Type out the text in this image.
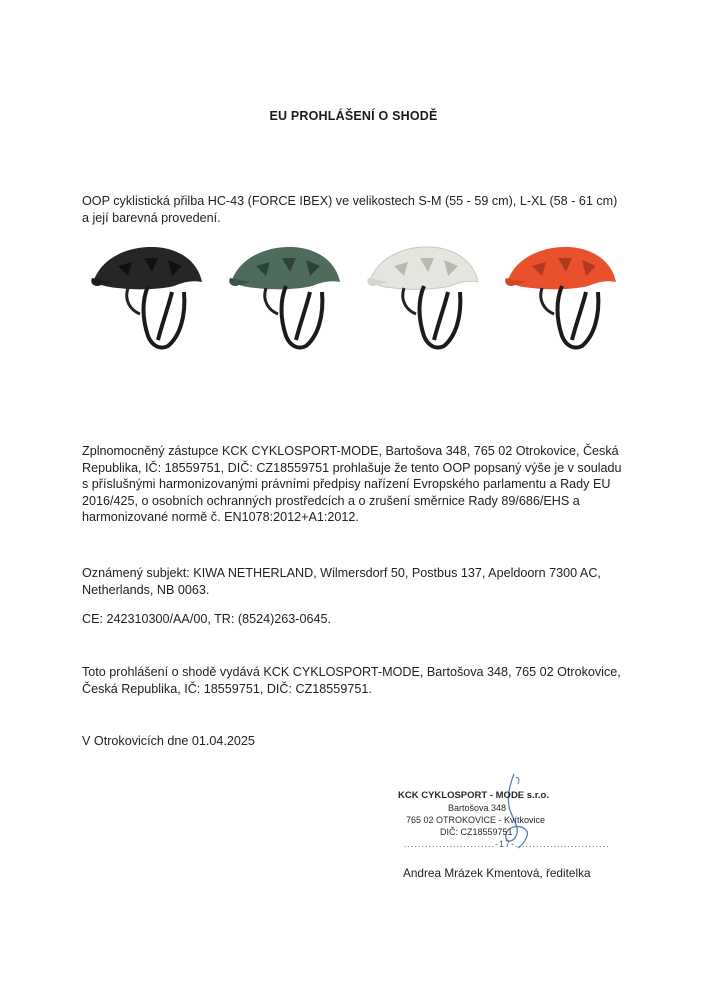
EU PROHLÁŠENÍ O SHODĚ
OOP cyklistická přilba HC-43 (FORCE IBEX) ve velikostech S-M (55 - 59 cm), L-XL (58 - 61 cm) a její barevná provedení.
Zplnomocněný zástupce KCK CYKLOSPORT-MODE, Bartošova 348, 765 02 Otrokovice, Česká Republika, IČ: 18559751, DIČ: CZ18559751 prohlašuje že tento OOP popsaný výše je v souladu s příslušnými harmonizovanými právními předpisy nařízení Evropského parlamentu a Rady EU 2016/425, o osobních ochranných prostředcích a o zrušení směrnice Rady 89/686/EHS a harmonizované normě č. EN1078:2012+A1:2012.
Oznámený subjekt: KIWA NETHERLAND, Wilmersdorf 50, Postbus 137, Apeldoorn 7300 AC, Netherlands, NB 0063.
CE: 242310300/AA/00, TR: (8524)263-0645.
Toto prohlášení o shodě vydává KCK CYKLOSPORT-MODE, Bartošova 348, 765 02 Otrokovice, Česká Republika, IČ: 18559751, DIČ: CZ18559751.
V Otrokovicích dne 01.04.2025
KCK CYKLOSPORT - MODE s.r.o.
Bartošova 348
765 02 OTROKOVICE - Kvítkovice
DIČ: CZ18559751
..........................-17-...........................
Andrea Mrázek Kmentová, ředitelka
